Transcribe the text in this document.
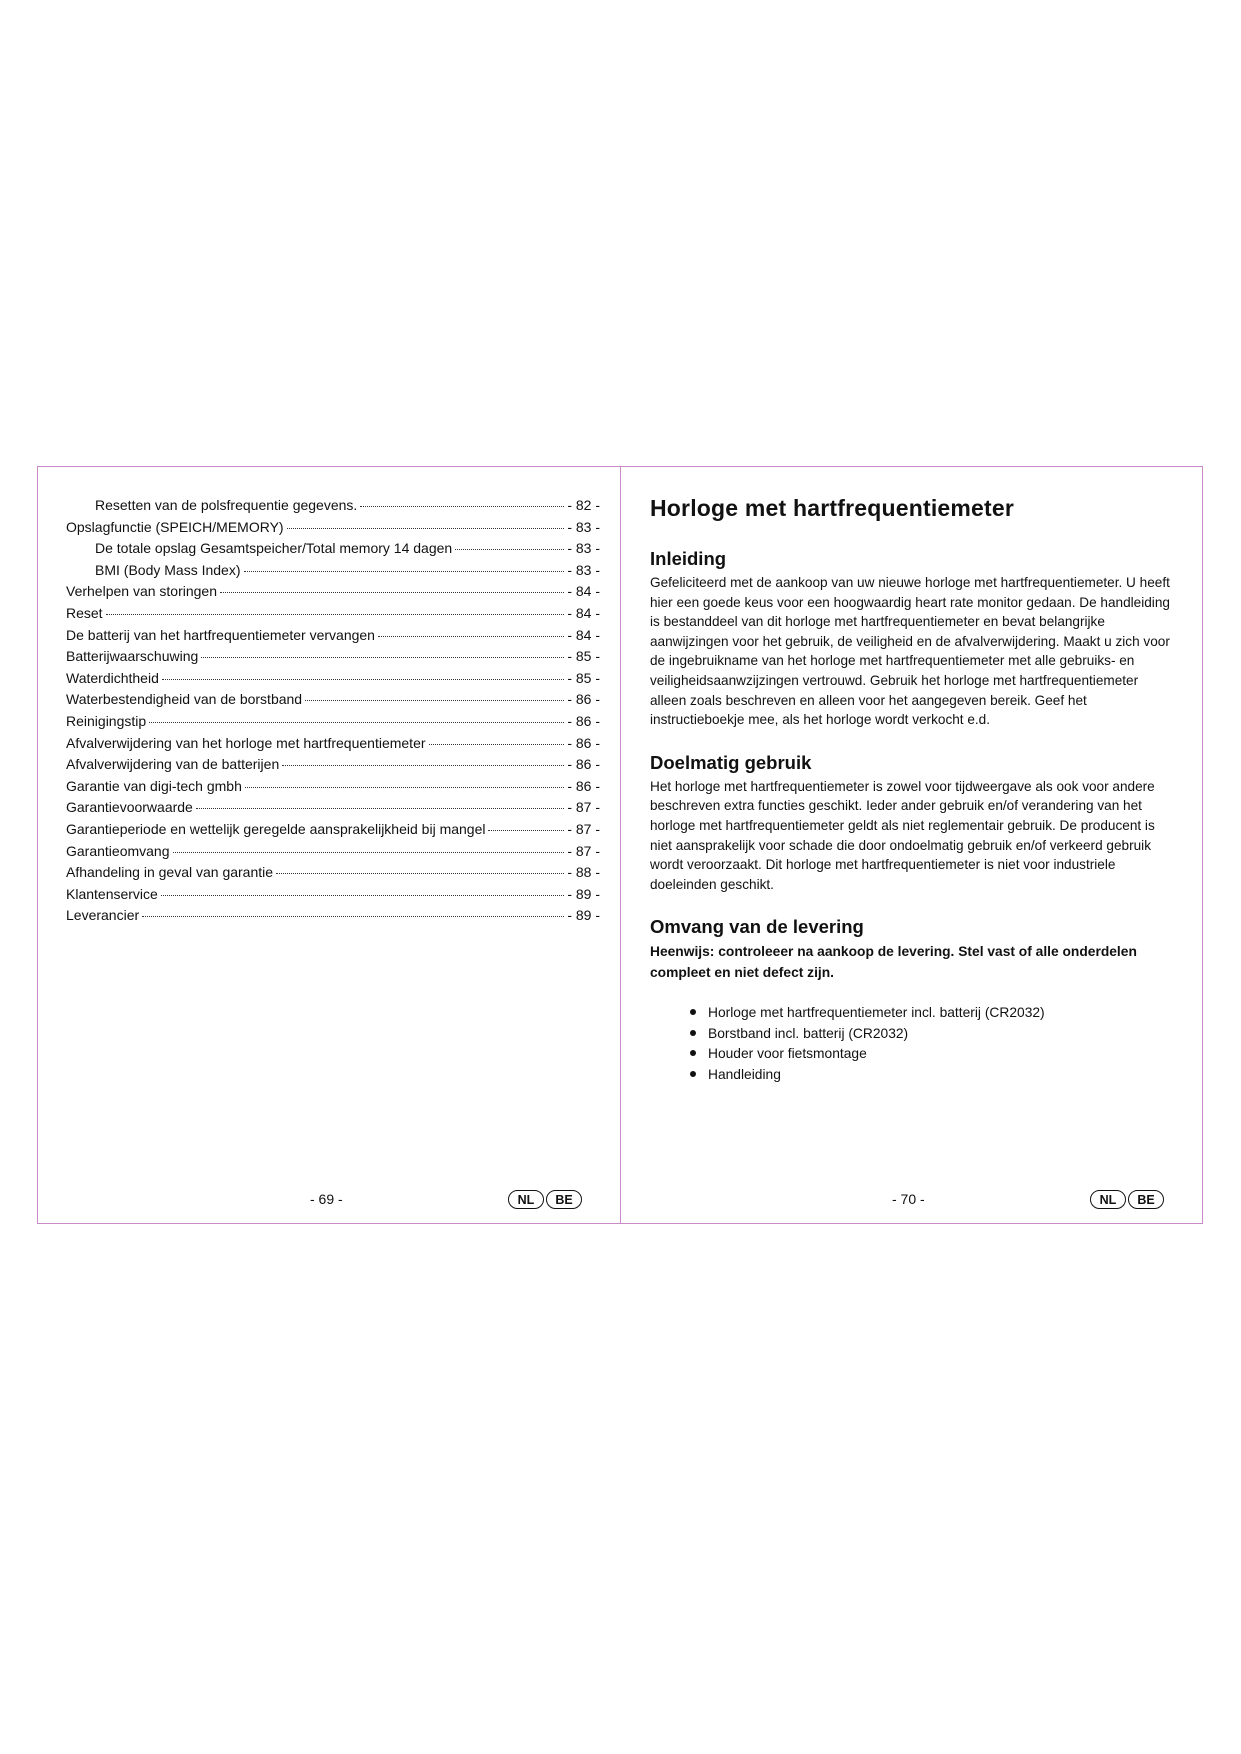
Resetten van de polsfrequentie gegevens.	- 82 -
Opslagfunctie (SPEICH/MEMORY)	- 83 -
De totale opslag Gesamtspeicher/Total memory 14 dagen	- 83 -
BMI (Body Mass Index)	- 83 -
Verhelpen van storingen	- 84 -
Reset	- 84 -
De batterij van het hartfrequentiemeter vervangen	- 84 -
Batterijwaarschuwing	- 85 -
Waterdichtheid	- 85 -
Waterbestendigheid van de borstband	- 86 -
Reinigingstip	- 86 -
Afvalverwijdering van het horloge met hartfrequentiemeter	- 86 -
Afvalverwijdering van de batterijen	- 86 -
Garantie van digi-tech gmbh	- 86 -
Garantievoorwaarde	- 87 -
Garantieperiode en wettelijk geregelde aansprakelijkheid bij mangel	- 87 -
Garantieomvang	- 87 -
Afhandeling in geval van garantie	- 88 -
Klantenservice	- 89 -
Leverancier	- 89 -
- 69 -	NL	BE
Horloge met hartfrequentiemeter
Inleiding

Gefeliciteerd met de aankoop van uw nieuwe horloge met hartfrequentiemeter. U heeft hier een goede keus voor een hoogwaardig heart rate monitor gedaan. De handleiding is bestanddeel van dit horloge met hartfrequentiemeter en bevat belangrijke aanwijzingen voor het gebruik, de veiligheid en de afvalverwijdering. Maakt u zich voor de ingebruikname van het horloge met hartfrequentiemeter met alle gebruiks- en veiligheidsaanwzijzingen vertrouwd. Gebruik het horloge met hartfrequentiemeter alleen zoals beschreven en alleen voor het aangegeven bereik. Geef het instructieboekje mee, als het horloge wordt verkocht e.d.

Doelmatig gebruik

Het horloge met hartfrequentiemeter is zowel voor tijdweergave als ook voor andere beschreven extra functies geschikt. Ieder ander gebruik en/of verandering van het horloge met hartfrequentiemeter geldt als niet reglementair gebruik. De producent is niet aansprakelijk voor schade die door ondoelmatig gebruik en/of verkeerd gebruik wordt veroorzaakt. Dit horloge met hartfrequentiemeter is niet voor industriele doeleinden geschikt.

Omvang van de levering

Heenwijs: controleeer na aankoop de levering. Stel vast of alle onderdelen compleet en niet defect zijn.

Horloge met hartfrequentiemeter incl. batterij (CR2032)
Borstband incl. batterij (CR2032)
Houder voor fietsmontage
Handleiding
- 70 -	NL	BE
